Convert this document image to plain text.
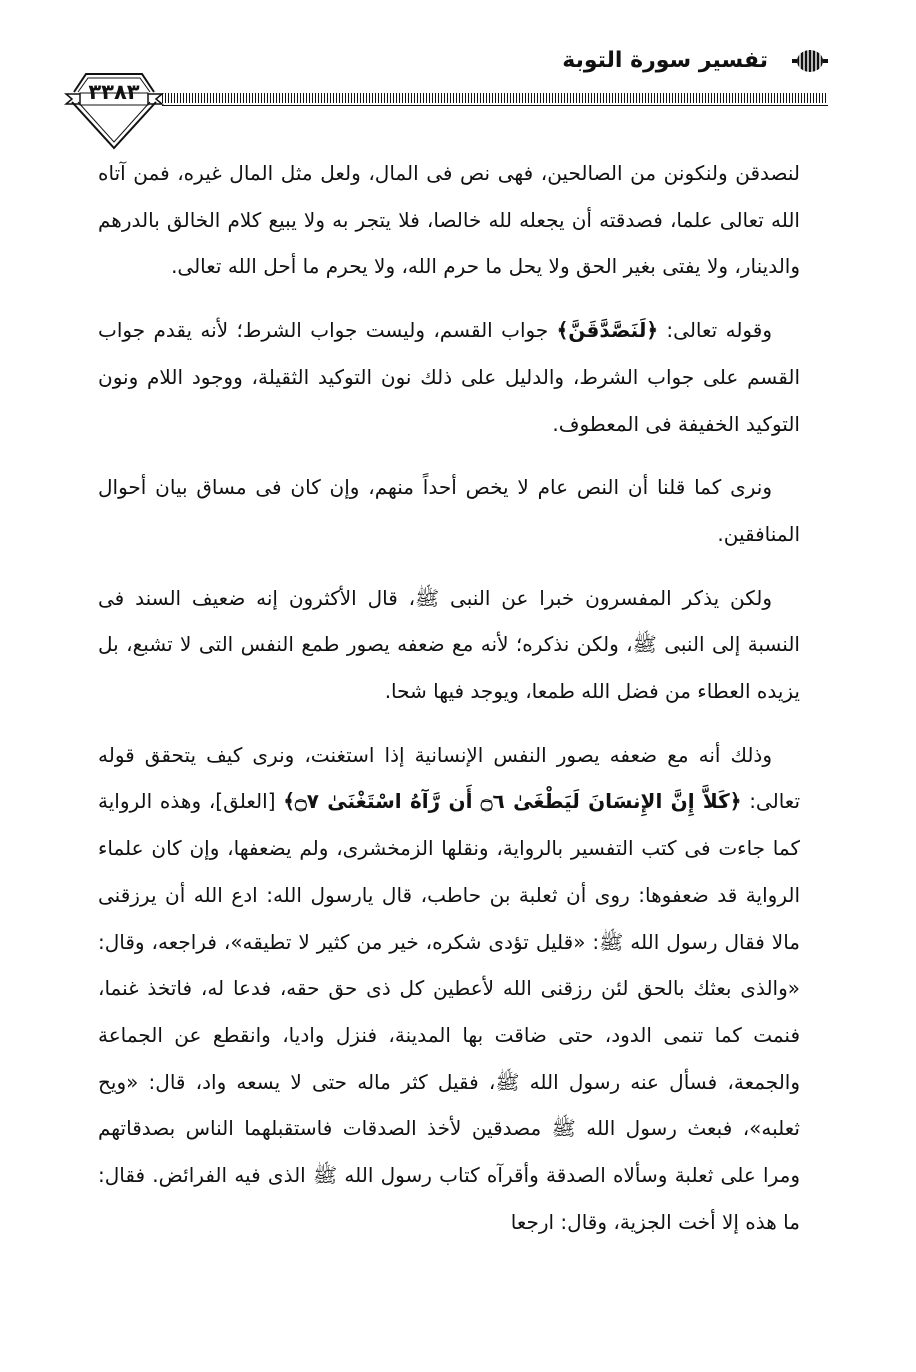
تفسير سورة التوبة
٣٣٨٣

لنصدقن ولنكونن من الصالحين، فهى نص فى المال، ولعل مثل المال غيره، فمن آتاه الله تعالى علما، فصدقته أن يجعله لله خالصا، فلا يتجر به ولا يبيع كلام الخالق بالدرهم والدينار، ولا يفتى بغير الحق ولا يحل ما حرم الله، ولا يحرم ما أحل الله تعالى.

وقوله تعالى: ﴿لَنَصَّدَّقَنَّ﴾ جواب القسم، وليست جواب الشرط؛ لأنه يقدم جواب القسم على جواب الشرط، والدليل على ذلك نون التوكيد الثقيلة، ووجود اللام ونون التوكيد الخفيفة فى المعطوف.

ونرى كما قلنا أن النص عام لا يخص أحداً منهم، وإن كان فى مساق بيان أحوال المنافقين.

ولكن يذكر المفسرون خبرا عن النبى ﷺ، قال الأكثرون إنه ضعيف السند فى النسبة إلى النبى ﷺ، ولكن نذكره؛ لأنه مع ضعفه يصور طمع النفس التى لا تشبع، بل يزيده العطاء من فضل الله طمعا، ويوجد فيها شحا.

وذلك أنه مع ضعفه يصور النفس الإنسانية إذا استغنت، ونرى كيف يتحقق قوله تعالى: ﴿كَلاَّ إِنَّ الإِنسَانَ لَيَطْغَىٰ ۝٦ أَن رَّآهُ اسْتَغْنَىٰ ۝٧﴾ [العلق]، وهذه الرواية كما جاءت فى كتب التفسير بالرواية، ونقلها الزمخشرى، ولم يضعفها، وإن كان علماء الرواية قد ضعفوها: روى أن ثعلبة بن حاطب، قال يارسول الله: ادع الله أن يرزقنى مالا فقال رسول الله ﷺ: «قليل تؤدى شكره، خير من كثير لا تطيقه»، فراجعه، وقال: «والذى بعثك بالحق لئن رزقنى الله لأعطين كل ذى حق حقه، فدعا له، فاتخذ غنما، فنمت كما تنمى الدود، حتى ضاقت بها المدينة، فنزل واديا، وانقطع عن الجماعة والجمعة، فسأل عنه رسول الله ﷺ، فقيل كثر ماله حتى لا يسعه واد، قال: «ويح ثعلبه»، فبعث رسول الله ﷺ مصدقين لأخذ الصدقات فاستقبلهما الناس بصدقاتهم ومرا على ثعلبة وسألاه الصدقة وأقرآه كتاب رسول الله ﷺ الذى فيه الفرائض. فقال: ما هذه إلا أخت الجزية، وقال: ارجعا
